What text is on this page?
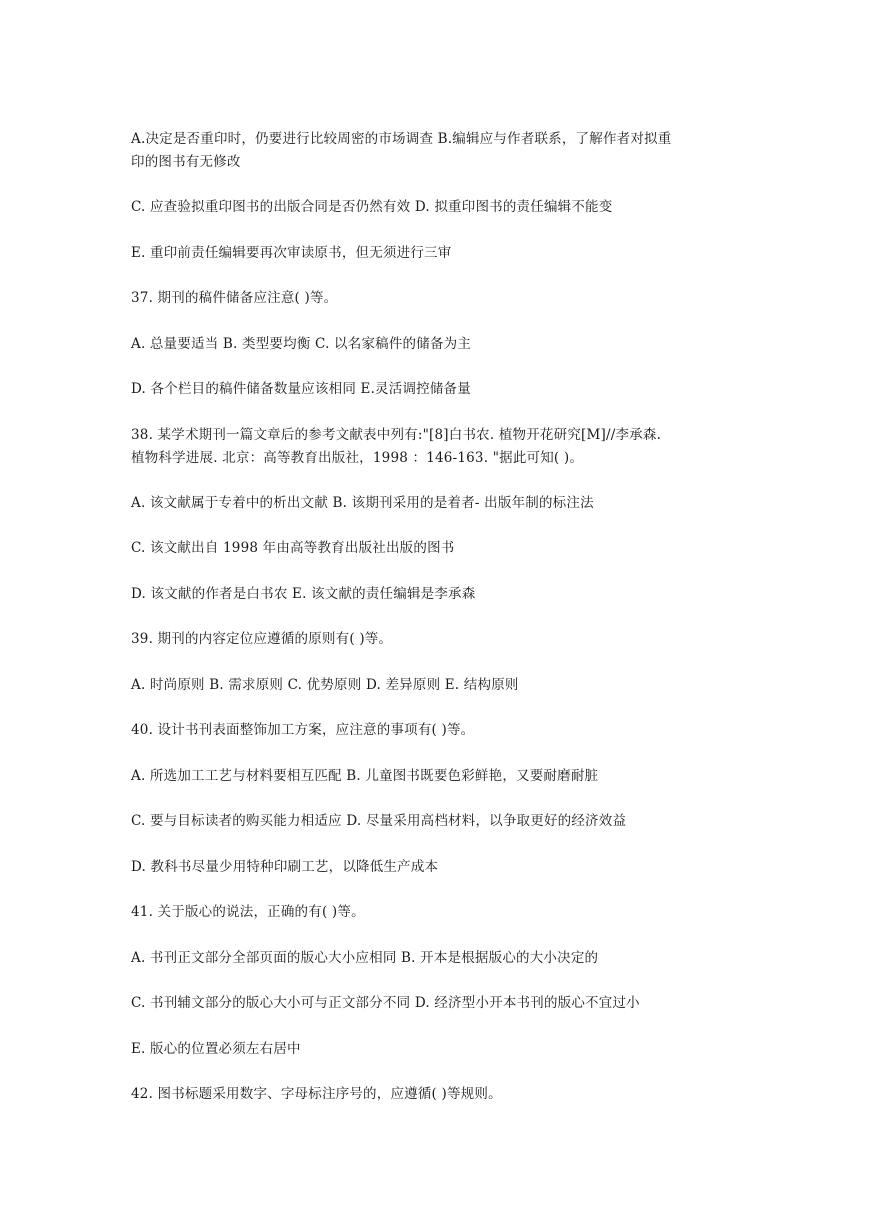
A.决定是否重印时，仍要进行比较周密的市场调查 B.编辑应与作者联系，了解作者对拟重
印的图书有无修改
C. 应查验拟重印图书的出版合同是否仍然有效 D. 拟重印图书的责任编辑不能变
E. 重印前责任编辑要再次审读原书，但无须进行三审
37. 期刊的稿件储备应注意( )等。
A. 总量要适当 B. 类型要均衡 C. 以名家稿件的储备为主
D. 各个栏目的稿件储备数量应该相同 E.灵活调控储备量
38. 某学术期刊一篇文章后的参考文献表中列有:"[8]白书农. 植物开花研究[M]//李承森.
植物科学进展. 北京：高等教育出版社，1998 ：146-163. "据此可知( )。
A. 该文献属于专着中的析出文献 B. 该期刊采用的是着者- 出版年制的标注法
C. 该文献出自 1998 年由高等教育出版社出版的图书
D. 该文献的作者是白书农 E. 该文献的责任编辑是李承森
39. 期刊的内容定位应遵循的原则有( )等。
A. 时尚原则 B. 需求原则 C. 优势原则 D. 差异原则 E. 结构原则
40. 设计书刊表面整饰加工方案，应注意的事项有( )等。
A. 所选加工工艺与材料要相互匹配 B. 儿童图书既要色彩鲜艳，又要耐磨耐脏
C. 要与目标读者的购买能力相适应 D. 尽量采用高档材料，以争取更好的经济效益
D. 教科书尽量少用特种印刷工艺，以降低生产成本
41. 关于版心的说法，正确的有( )等。
A. 书刊正文部分全部页面的版心大小应相同 B. 开本是根据版心的大小决定的
C. 书刊辅文部分的版心大小可与正文部分不同 D. 经济型小开本书刊的版心不宜过小
E. 版心的位置必须左右居中
42. 图书标题采用数字、字母标注序号的，应遵循( )等规则。
